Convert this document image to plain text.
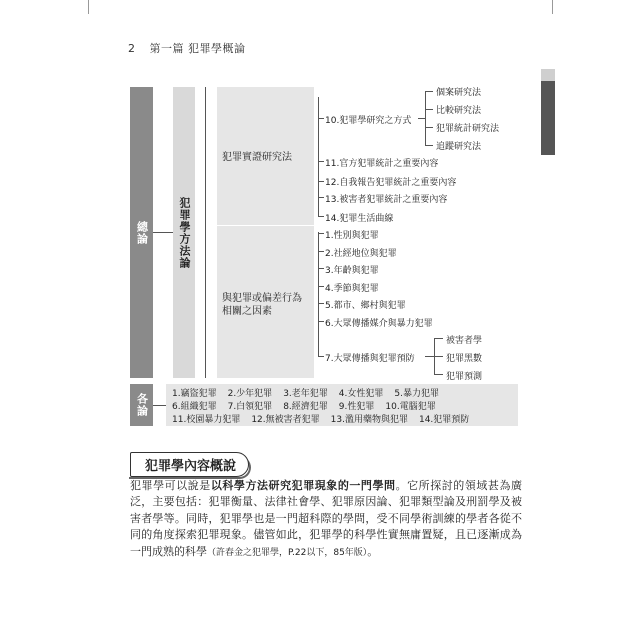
2 第一篇 犯罪學概論
總論	犯罪學方法論
犯罪實證研究法
與犯罪或偏差行為相關之因素
10.犯罪學研究之方式
個案研究法
比較研究法
犯罪統計研究法
追蹤研究法
11.官方犯罪統計之重要內容
12.自我報告犯罪統計之重要內容
13.被害者犯罪統計之重要內容
14.犯罪生活曲線
1.性別與犯罪
2.社經地位與犯罪
3.年齡與犯罪
4.季節與犯罪
5.都市、鄉村與犯罪
6.大眾傳播媒介與暴力犯罪
7.大眾傳播與犯罪預防
被害者學
犯罪黑數
犯罪預測
各論	1.竊盜犯罪 2.少年犯罪 3.老年犯罪 4.女性犯罪 5.暴力犯罪
6.組織犯罪 7.白領犯罪 8.經濟犯罪 9.性犯罪 10.電腦犯罪
11.校園暴力犯罪 12.無被害者犯罪 13.濫用藥物與犯罪 14.犯罪預防
犯罪學內容概說
犯罪學可以說是以科學方法研究犯罪現象的一門學問。它所探討的領域甚為廣泛，主要包括：犯罪衡量、法律社會學、犯罪原因論、犯罪類型論及刑罰學及被害者學等。同時，犯罪學也是一門超科際的學問，受不同學術訓練的學者各從不同的角度探索犯罪現象。儘管如此，犯罪學的科學性實無庸置疑，且已逐漸成為一門成熟的科學（許春金之犯罪學，P.22以下，85年版）。
